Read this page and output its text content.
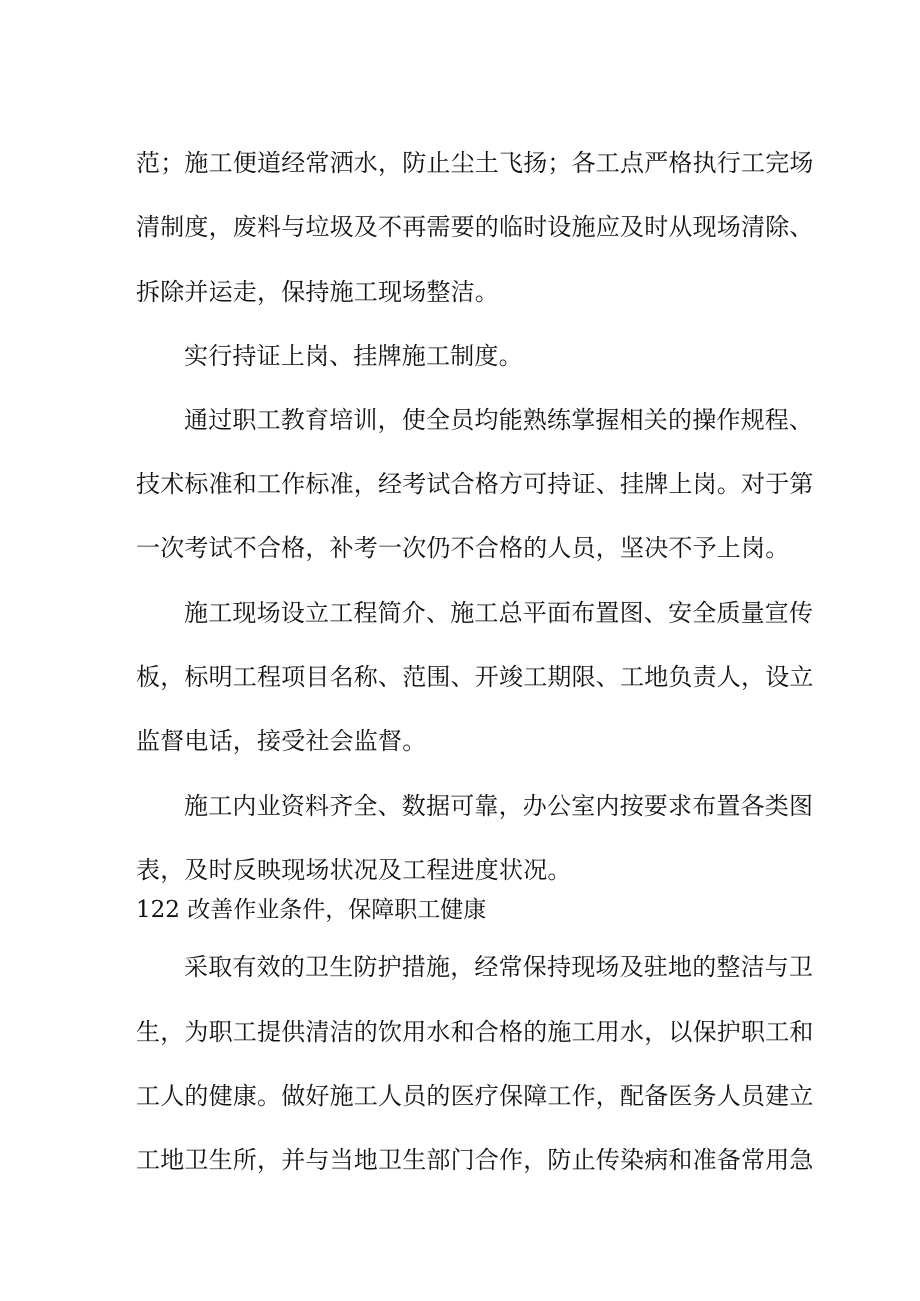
范；施工便道经常洒水，防止尘土飞扬；各工点严格执行工完场
清制度，废料与垃圾及不再需要的临时设施应及时从现场清除、
拆除并运走，保持施工现场整洁。
实行持证上岗、挂牌施工制度。
通过职工教育培训，使全员均能熟练掌握相关的操作规程、
技术标准和工作标准，经考试合格方可持证、挂牌上岗。对于第
一次考试不合格，补考一次仍不合格的人员，坚决不予上岗。
施工现场设立工程简介、施工总平面布置图、安全质量宣传
板，标明工程项目名称、范围、开竣工期限、工地负责人，设立
监督电话，接受社会监督。
施工内业资料齐全、数据可靠，办公室内按要求布置各类图
表，及时反映现场状况及工程进度状况。
122 改善作业条件，保障职工健康
采取有效的卫生防护措施，经常保持现场及驻地的整洁与卫
生，为职工提供清洁的饮用水和合格的施工用水，以保护职工和
工人的健康。做好施工人员的医疗保障工作，配备医务人员建立
工地卫生所，并与当地卫生部门合作，防止传染病和准备常用急
